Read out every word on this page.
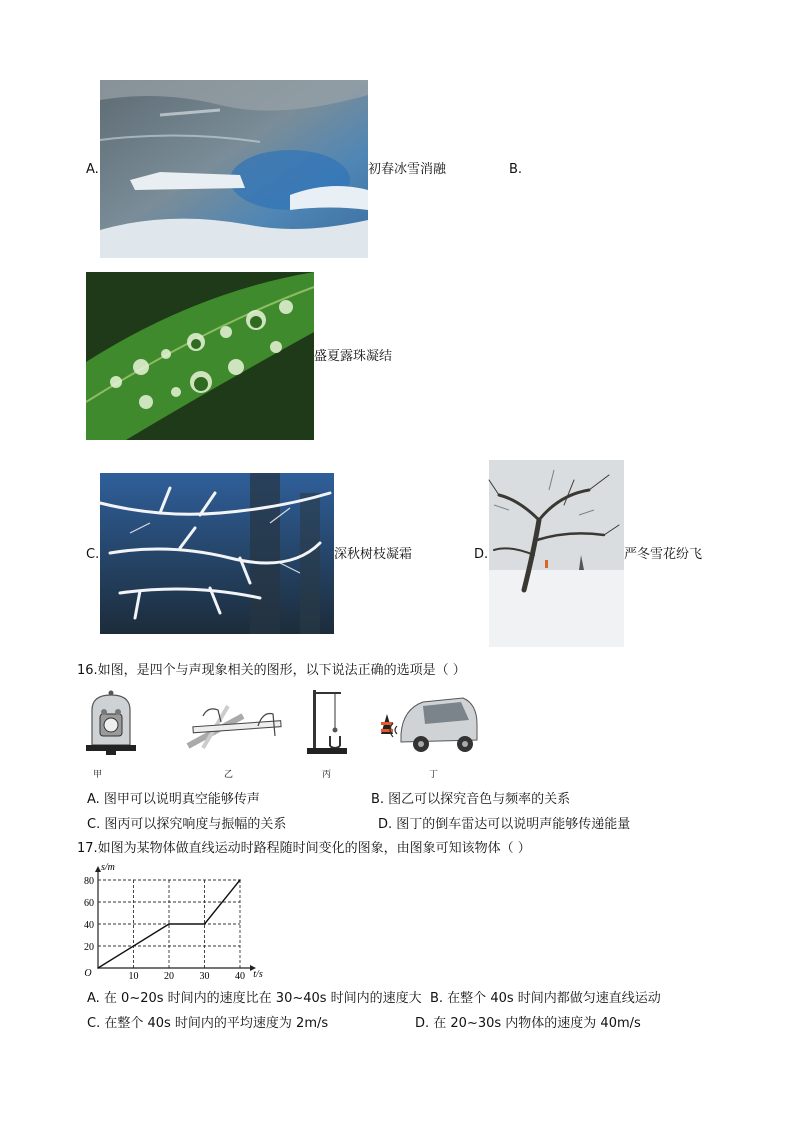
A.	初春冰雪消融	B.
盛夏露珠凝结
C.	深秋树枝凝霜	D.	严冬雪花纷飞
16.如图，是四个与声现象相关的图形，以下说法正确的选项是（ ）
甲	乙	丙	丁
A. 图甲可以说明真空能够传声	B. 图乙可以探究音色与频率的关系
C. 图丙可以探究响度与振幅的关系	D. 图丁的倒车雷达可以说明声能够传递能量
17.如图为某物体做直线运动时路程随时间变化的图象，由图象可知该物体（ ）
10	20	30	40
20
40
60
80
O	t/s
s/m
A. 在 0~20s 时间内的速度比在 30~40s 时间内的速度大 B. 在整个 40s 时间内都做匀速直线运动
C. 在整个 40s 时间内的平均速度为 2m/s	D. 在 20~30s 内物体的速度为 40m/s
